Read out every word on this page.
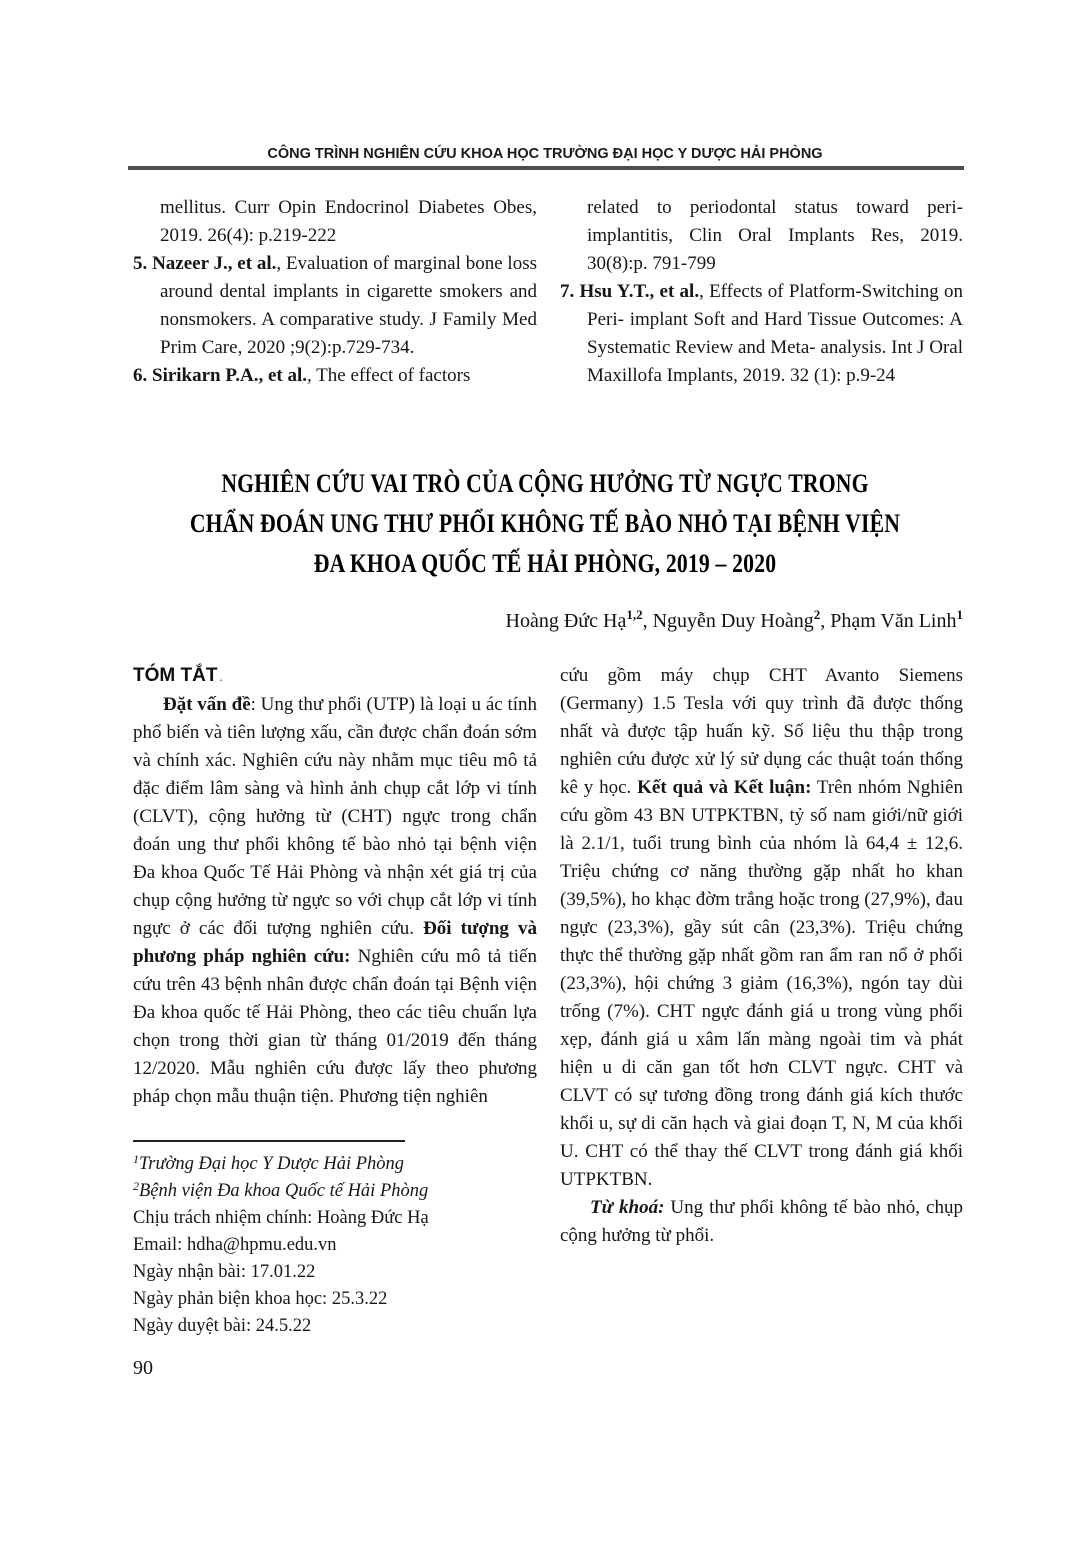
CÔNG TRÌNH NGHIÊN CỨU KHOA HỌC TRƯỜNG ĐẠI HỌC Y DƯỢC HẢI PHÒNG
mellitus. Curr Opin Endocrinol Diabetes Obes, 2019. 26(4): p.219-222
5. Nazeer J., et al., Evaluation of marginal bone loss around dental implants in cigarette smokers and nonsmokers. A comparative study. J Family Med Prim Care, 2020 ;9(2):p.729-734.
6. Sirikarn P.A., et al., The effect of factors
related to periodontal status toward peri-implantitis, Clin Oral Implants Res, 2019. 30(8):p. 791-799
7. Hsu Y.T., et al., Effects of Platform-Switching on Peri- implant Soft and Hard Tissue Outcomes: A Systematic Review and Meta- analysis. Int J Oral Maxillofa Implants, 2019. 32 (1): p.9-24
NGHIÊN CỨU VAI TRÒ CỦA CỘNG HƯỞNG TỪ NGỰC TRONG
CHẨN ĐOÁN UNG THƯ PHỔI KHÔNG TẾ BÀO NHỎ TẠI BỆNH VIỆN
ĐA KHOA QUỐC TẾ HẢI PHÒNG, 2019 – 2020
Hoàng Đức Hạ$^{1,2}$, Nguyễn Duy Hoàng$^2$, Phạm Văn Linh$^1$
TÓM TẮT .
Đặt vấn đề: Ung thư phổi (UTP) là loại u ác tính phổ biến và tiên lượng xấu, cần được chẩn đoán sớm và chính xác. Nghiên cứu này nhằm mục tiêu mô tả đặc điểm lâm sàng và hình ảnh chụp cắt lớp vi tính (CLVT), cộng hưởng từ (CHT) ngực trong chẩn đoán ung thư phổi không tế bào nhỏ tại bệnh viện Đa khoa Quốc Tế Hải Phòng và nhận xét giá trị của chụp cộng hưởng từ ngực so với chụp cắt lớp vi tính ngực ở các đối tượng nghiên cứu. Đối tượng và phương pháp nghiên cứu: Nghiên cứu mô tả tiến cứu trên 43 bệnh nhân được chẩn đoán tại Bệnh viện Đa khoa quốc tế Hải Phòng, theo các tiêu chuẩn lựa chọn trong thời gian từ tháng 01/2019 đến tháng 12/2020. Mẫu nghiên cứu được lấy theo phương pháp chọn mẫu thuận tiện. Phương tiện nghiên
cứu gồm máy chụp CHT Avanto Siemens (Germany) 1.5 Tesla với quy trình đã được thống nhất và được tập huấn kỹ. Số liệu thu thập trong nghiên cứu được xử lý sử dụng các thuật toán thống kê y học. Kết quả và Kết luận: Trên nhóm Nghiên cứu gồm 43 BN UTPKTBN, tỷ số nam giới/nữ giới là 2.1/1, tuổi trung bình của nhóm là 64,4 ± 12,6. Triệu chứng cơ năng thường gặp nhất ho khan (39,5%), ho khạc đờm trắng hoặc trong (27,9%), đau ngực (23,3%), gầy sút cân (23,3%). Triệu chứng thực thể thường gặp nhất gồm ran ẩm ran nổ ở phổi (23,3%), hội chứng 3 giảm (16,3%), ngón tay dùi trống (7%). CHT ngực đánh giá u trong vùng phổi xẹp, đánh giá u xâm lấn màng ngoài tim và phát hiện u di căn gan tốt hơn CLVT ngực. CHT và CLVT có sự tương đồng trong đánh giá kích thước khối u, sự di căn hạch và giai đoạn T, N, M của khối U. CHT có thể thay thế CLVT trong đánh giá khối UTPKTBN.
Từ khoá: Ung thư phổi không tế bào nhỏ, chụp cộng hưởng từ phổi.
$^1$Trường Đại học Y Dược Hải Phòng
$^2$Bệnh viện Đa khoa Quốc tế Hải Phòng
Chịu trách nhiệm chính: Hoàng Đức Hạ
Email: hdha@hpmu.edu.vn
Ngày nhận bài: 17.01.22
Ngày phản biện khoa học: 25.3.22
Ngày duyệt bài: 24.5.22
90
